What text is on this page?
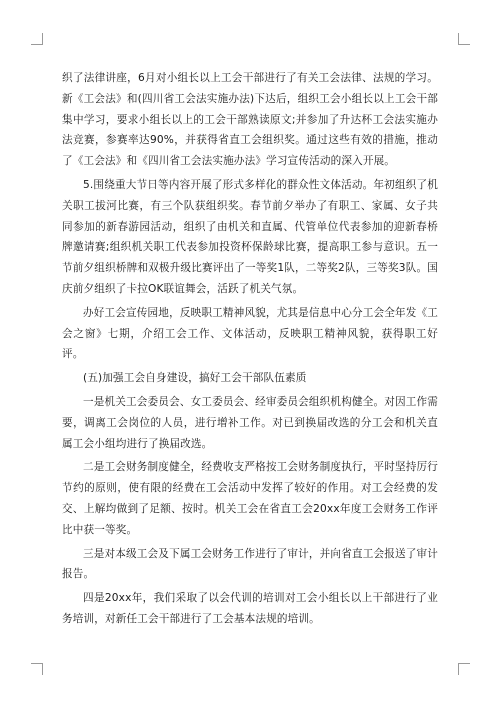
织了法律讲座，6月对小组长以上工会干部进行了有关工会法律、法规的学习。新《工会法》和(四川省工会法实施办法)下达后，组织工会小组长以上工会干部集中学习，要求小组长以上的工会干部熟读原文;并参加了升达杯工会法实施办法竞赛，参赛率达90%，并获得省直工会组织奖。通过这些有效的措施，推动了《工会法》和《四川省工会法实施办法》学习宣传活动的深入开展。

5.围绕重大节日等内容开展了形式多样化的群众性文体活动。年初组织了机关职工拔河比赛，有三个队获组织奖。春节前夕举办了有职工、家属、女子共同参加的新春游园活动，组织了由机关和直属、代管单位代表参加的迎新春桥牌邀请赛;组织机关职工代表参加投资杯保龄球比赛，提高职工参与意识。五一节前夕组织桥牌和双极升级比赛评出了一等奖1队，二等奖2队，三等奖3队。国庆前夕组织了卡拉OK联谊舞会，活跃了机关气氛。

办好工会宣传园地，反映职工精神风貌，尤其是信息中心分工会全年发《工会之窗》七期，介绍工会工作、文体活动，反映职工精神风貌，获得职工好评。

(五)加强工会自身建设，搞好工会干部队伍素质

一是机关工会委员会、女工委员会、经审委员会组织机构健全。对因工作需要，调离工会岗位的人员，进行增补工作。对已到换届改选的分工会和机关直属工会小组均进行了换届改选。

二是工会财务制度健全，经费收支严格按工会财务制度执行，平时坚持厉行节约的原则，使有限的经费在工会活动中发挥了较好的作用。对工会经费的发交、上解均做到了足额、按时。机关工会在省直工会20xx年度工会财务工作评比中获一等奖。

三是对本级工会及下属工会财务工作进行了审计，并向省直工会报送了审计报告。

四是20xx年，我们采取了以会代训的培训对工会小组长以上干部进行了业务培训，对新任工会干部进行了工会基本法规的培训。
